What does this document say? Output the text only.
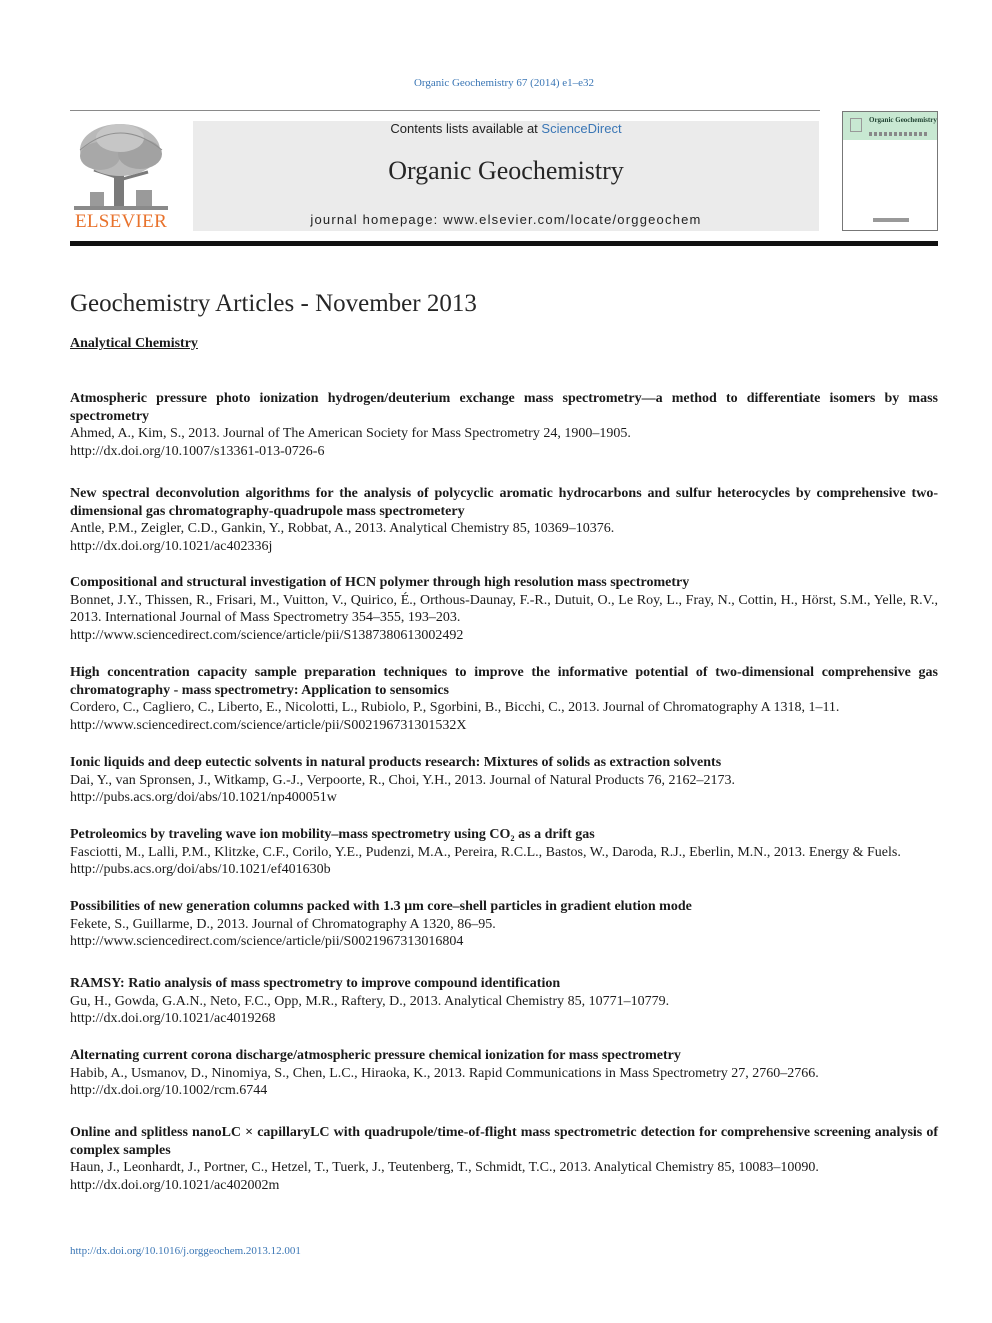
Organic Geochemistry 67 (2014) e1–e32
ELSEVIER
Contents lists available at ScienceDirect
Organic Geochemistry
journal homepage: www.elsevier.com/locate/orggeochem
Organic Geochemistry
Geochemistry Articles - November 2013
Analytical Chemistry
Atmospheric pressure photo ionization hydrogen/deuterium exchange mass spectrometry—a method to differentiate isomers by mass spectrometry
Ahmed, A., Kim, S., 2013. Journal of The American Society for Mass Spectrometry 24, 1900–1905.
http://dx.doi.org/10.1007/s13361-013-0726-6
New spectral deconvolution algorithms for the analysis of polycyclic aromatic hydrocarbons and sulfur heterocycles by comprehensive two-dimensional gas chromatography-quadrupole mass spectrometery
Antle, P.M., Zeigler, C.D., Gankin, Y., Robbat, A., 2013. Analytical Chemistry 85, 10369–10376.
http://dx.doi.org/10.1021/ac402336j
Compositional and structural investigation of HCN polymer through high resolution mass spectrometry
Bonnet, J.Y., Thissen, R., Frisari, M., Vuitton, V., Quirico, É., Orthous-Daunay, F.-R., Dutuit, O., Le Roy, L., Fray, N., Cottin, H., Hörst, S.M., Yelle, R.V., 2013. International Journal of Mass Spectrometry 354–355, 193–203.
http://www.sciencedirect.com/science/article/pii/S1387380613002492
High concentration capacity sample preparation techniques to improve the informative potential of two-dimensional comprehensive gas chromatography - mass spectrometry: Application to sensomics
Cordero, C., Cagliero, C., Liberto, E., Nicolotti, L., Rubiolo, P., Sgorbini, B., Bicchi, C., 2013. Journal of Chromatography A 1318, 1–11.
http://www.sciencedirect.com/science/article/pii/S002196731301532X
Ionic liquids and deep eutectic solvents in natural products research: Mixtures of solids as extraction solvents
Dai, Y., van Spronsen, J., Witkamp, G.-J., Verpoorte, R., Choi, Y.H., 2013. Journal of Natural Products 76, 2162–2173.
http://pubs.acs.org/doi/abs/10.1021/np400051w
Petroleomics by traveling wave ion mobility–mass spectrometry using CO₂ as a drift gas
Fasciotti, M., Lalli, P.M., Klitzke, C.F., Corilo, Y.E., Pudenzi, M.A., Pereira, R.C.L., Bastos, W., Daroda, R.J., Eberlin, M.N., 2013. Energy & Fuels.
http://pubs.acs.org/doi/abs/10.1021/ef401630b
Possibilities of new generation columns packed with 1.3 µm core–shell particles in gradient elution mode
Fekete, S., Guillarme, D., 2013. Journal of Chromatography A 1320, 86–95.
http://www.sciencedirect.com/science/article/pii/S0021967313016804
RAMSY: Ratio analysis of mass spectrometry to improve compound identification
Gu, H., Gowda, G.A.N., Neto, F.C., Opp, M.R., Raftery, D., 2013. Analytical Chemistry 85, 10771–10779.
http://dx.doi.org/10.1021/ac4019268
Alternating current corona discharge/atmospheric pressure chemical ionization for mass spectrometry
Habib, A., Usmanov, D., Ninomiya, S., Chen, L.C., Hiraoka, K., 2013. Rapid Communications in Mass Spectrometry 27, 2760–2766.
http://dx.doi.org/10.1002/rcm.6744
Online and splitless nanoLC × capillaryLC with quadrupole/time-of-flight mass spectrometric detection for comprehensive screening analysis of complex samples
Haun, J., Leonhardt, J., Portner, C., Hetzel, T., Tuerk, J., Teutenberg, T., Schmidt, T.C., 2013. Analytical Chemistry 85, 10083–10090.
http://dx.doi.org/10.1021/ac402002m
http://dx.doi.org/10.1016/j.orggeochem.2013.12.001
